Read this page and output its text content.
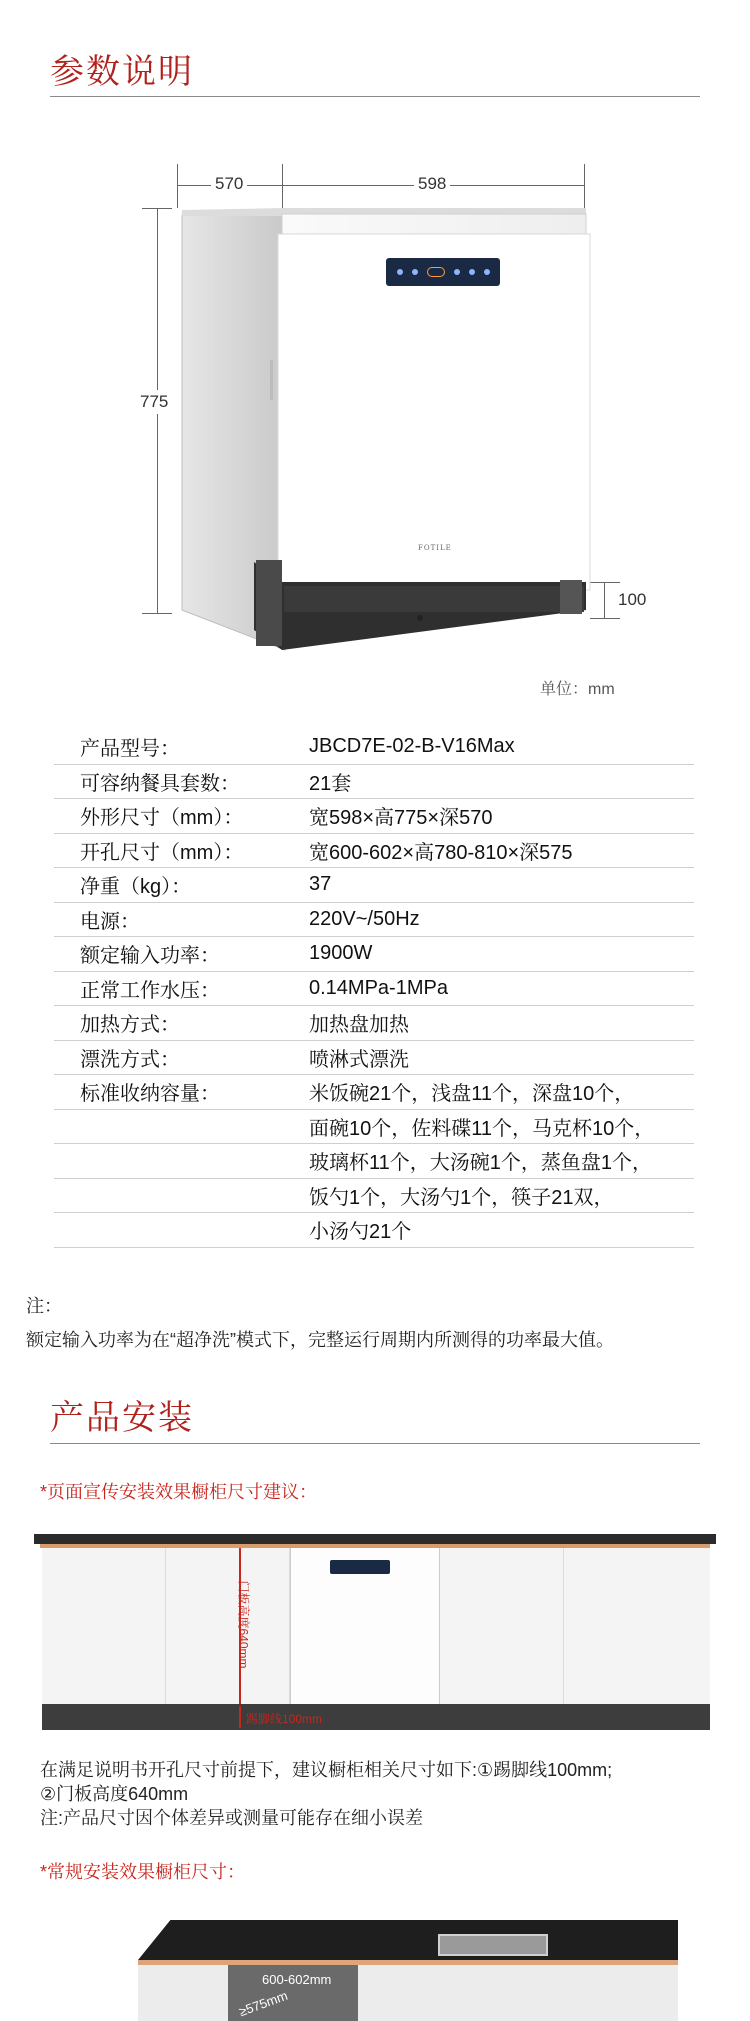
参数说明
570	598
775
100
FOTILE
单位：mm
产品型号：	JBCD7E-02-B-V16Max
可容纳餐具套数：	21套
外形尺寸（mm）：	宽598×高775×深570
开孔尺寸（mm）：	宽600-602×高780-810×深575
净重（kg）：	37
电源：	220V~/50Hz
额定输入功率：	1900W
正常工作水压：	0.14MPa-1MPa
加热方式：	加热盘加热
漂洗方式：	喷淋式漂洗
标准收纳容量：	米饭碗21个，浅盘11个，深盘10个，
面碗10个，佐料碟11个，马克杯10个，
玻璃杯11个，大汤碗1个，蒸鱼盘1个，
饭勺1个，大汤勺1个，筷子21双，
小汤勺21个
注：
额定输入功率为在“超净洗”模式下，完整运行周期内所测得的功率最大值。
产品安装
*页面宣传安装效果橱柜尺寸建议：
门板高度640mm
踢脚线100mm
在满足说明书开孔尺寸前提下，建议橱柜相关尺寸如下:①踢脚线100mm;
②门板高度640mm
注:产品尺寸因个体差异或测量可能存在细小误差
*常规安装效果橱柜尺寸：
600-602mm
≥575mm
